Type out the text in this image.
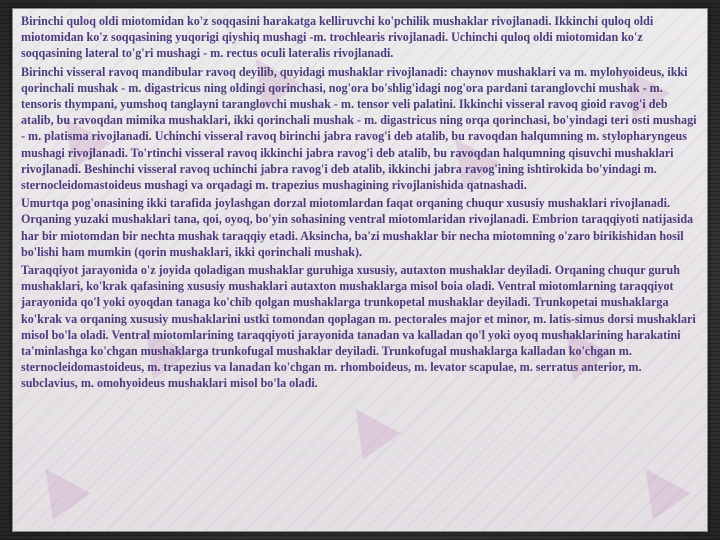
▲
▲
▲
▲
▲
▲
▲
▲	▲

Birinchi quloq oldi miotomidan ko'z soqqasini harakatga kelliruvchi ko'pchilik mushaklar rivojlanadi. Ikkinchi quloq oldi miotomidan ko'z soqqasining yuqorigi qiyshiq mushagi -m. trochlearis rivojlanadi. Uchinchi quloq oldi miotomidan ko'z soqqasining lateral to'g'ri mushagi - m. rectus oculi lateralis rivojlanadi.

Birinchi visseral ravoq mandibular ravoq deyilib, quyidagi mushaklar rivojlanadi: chaynov mushaklari va m. mylohyoideus, ikki qorinchali mushak - m. digastricus ning oldingi qorinchasi, nog'ora bo'shlig'idagi nog'ora pardani taranglovchi mushak - m. tensoris thympani, yumshoq tanglayni taranglovchi mushak - m. tensor veli palatini. Ikkinchi visseral ravoq gioid ravog'i deb atalib, bu ravoqdan mimika mushaklari, ikki qorinchali mushak - m. digastricus ning orqa qorinchasi, bo'yindagi teri osti mushagi - m. platisma rivojlanadi. Uchinchi visseral ravoq birinchi jabra ravog'i deb atalib, bu ravoqdan halqumning m. stylopharyngeus mushagi rivojlanadi. To'rtinchi visseral ravoq ikkinchi jabra ravog'i deb atalib, bu ravoqdan halqumning qisuvchi mushaklari rivojlanadi. Beshinchi visseral ravoq uchinchi jabra ravog'i deb atalib, ikkinchi jabra ravog'ining ishtirokida bo'yindagi m. sternocleidomastoideus mushagi va orqadagi m. trapezius mushagining rivojlanishida qatnashadi.

Umurtqa pog'onasining ikki tarafida joylashgan dorzal miotomlardan faqat orqaning chuqur xususiy mushaklari rivojlanadi. Orqaning yuzaki mushaklari tana, qoi, oyoq, bo'yin sohasining ventral miotomlaridan rivojlanadi. Embrion taraqqiyoti natijasida har bir miotomdan bir nechta mushak taraqqiy etadi. Aksincha, ba'zi mushaklar bir necha miotomning o'zaro birikishidan hosil bo'lishi ham mumkin (qorin mushaklari, ikki qorinchali mushak).

Taraqqiyot jarayonida o'z joyida qoladigan mushaklar guruhiga xususiy, autaxton mushaklar deyiladi. Orqaning chuqur guruh mushaklari, ko'krak qafasining xususiy mushaklari autaxton mushaklarga misol boia oladi. Ventral miotomlarning taraqqiyot jarayonida qo'l yoki oyoqdan tanaga ko'chib qolgan mushaklarga trunkopetal mushaklar deyiladi. Trunkopetai mushaklarga ko'krak va orqaning xususiy mushaklarini ustki tomondan qoplagan m. pectorales major et minor, m. latis-simus dorsi mushaklari misol bo'la oladi. Ventral miotomlarining taraqqiyoti jarayonida tanadan va kalladan qo'l yoki oyoq mushaklarining harakatini ta'minlashga ko'chgan mushaklarga trunkofugal mushaklar deyiladi. Trunkofugal mushaklarga kalladan ko'chgan m. sternocleidomastoideus, m. trapezius va lanadan ko'chgan m. rhomboideus, m. levator scapulae, m. serratus anterior, m. subclavius, m. omohyoideus mushaklari misol bo'la oladi.
